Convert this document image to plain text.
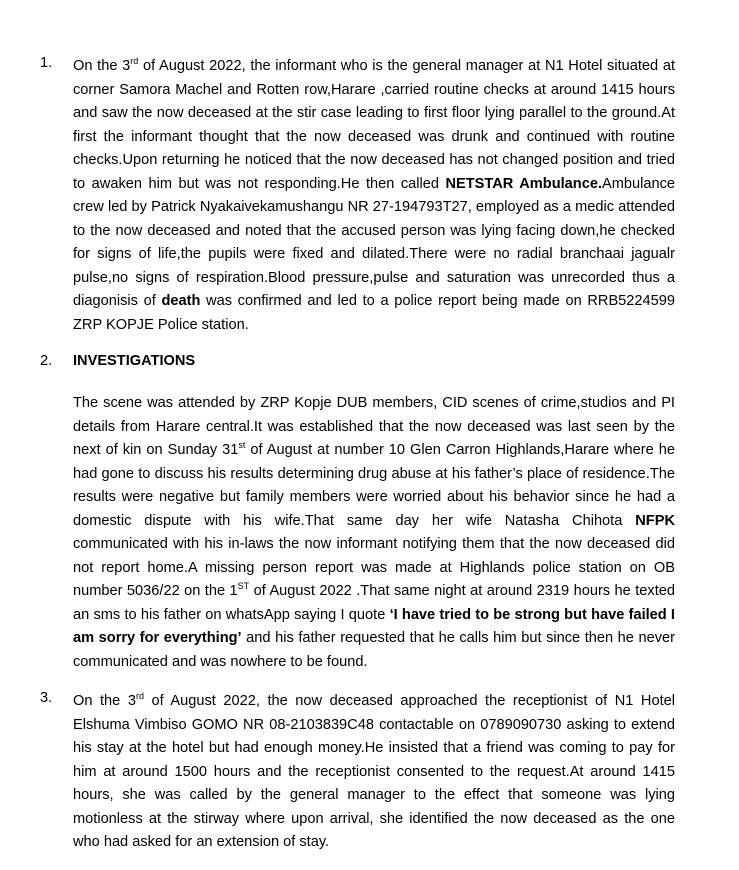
1. On the 3rd of August 2022, the informant who is the general manager at N1 Hotel situated at corner Samora Machel and Rotten row,Harare ,carried routine checks at around 1415 hours and saw the now deceased at the stir case leading to first floor lying parallel to the ground.At first the informant thought that the now deceased was drunk and continued with routine checks.Upon returning he noticed that the now deceased has not changed position and tried to awaken him but was not responding.He then called NETSTAR Ambulance.Ambulance crew led by Patrick Nyakaivekamushangu NR 27-194793T27, employed as a medic attended to the now deceased and noted that the accused person was lying facing down,he checked for signs of life,the pupils were fixed and dilated.There were no radial branchaai jagualr pulse,no signs of respiration.Blood pressure,pulse and saturation was unrecorded thus a diagonisis of death was confirmed and led to a police report being made on RRB5224599 ZRP KOPJE Police station.
2. INVESTIGATIONS
The scene was attended by ZRP Kopje DUB members, CID scenes of crime,studios and PI details from Harare central.It was established that the now deceased was last seen by the next of kin on Sunday 31st of August at number 10 Glen Carron Highlands,Harare where he had gone to discuss his results determining drug abuse at his father’s place of residence.The results were negative but family members were worried about his behavior since he had a domestic dispute with his wife.That same day her wife Natasha Chihota NFPK communicated with his in-laws the now informant notifying them that the now deceased did not report home.A missing person report was made at Highlands police station on OB number 5036/22 on the 1ST of August 2022 .That same night at around 2319 hours he texted an sms to his father on whatsApp saying I quote ‘I have tried to be strong but have failed I am sorry for everything’ and his father requested that he calls him but since then he never communicated and was nowhere to be found.
3. On the 3rd of August 2022, the now deceased approached the receptionist of N1 Hotel Elshuma Vimbiso GOMO NR 08-2103839C48 contactable on 0789090730 asking to extend his stay at the hotel but had enough money.He insisted that a friend was coming to pay for him at around 1500 hours and the receptionist consented to the request.At around 1415 hours, she was called by the general manager to the effect that someone was lying motionless at the stirway where upon arrival, she identified the now deceased as the one who had asked for an extension of stay.
